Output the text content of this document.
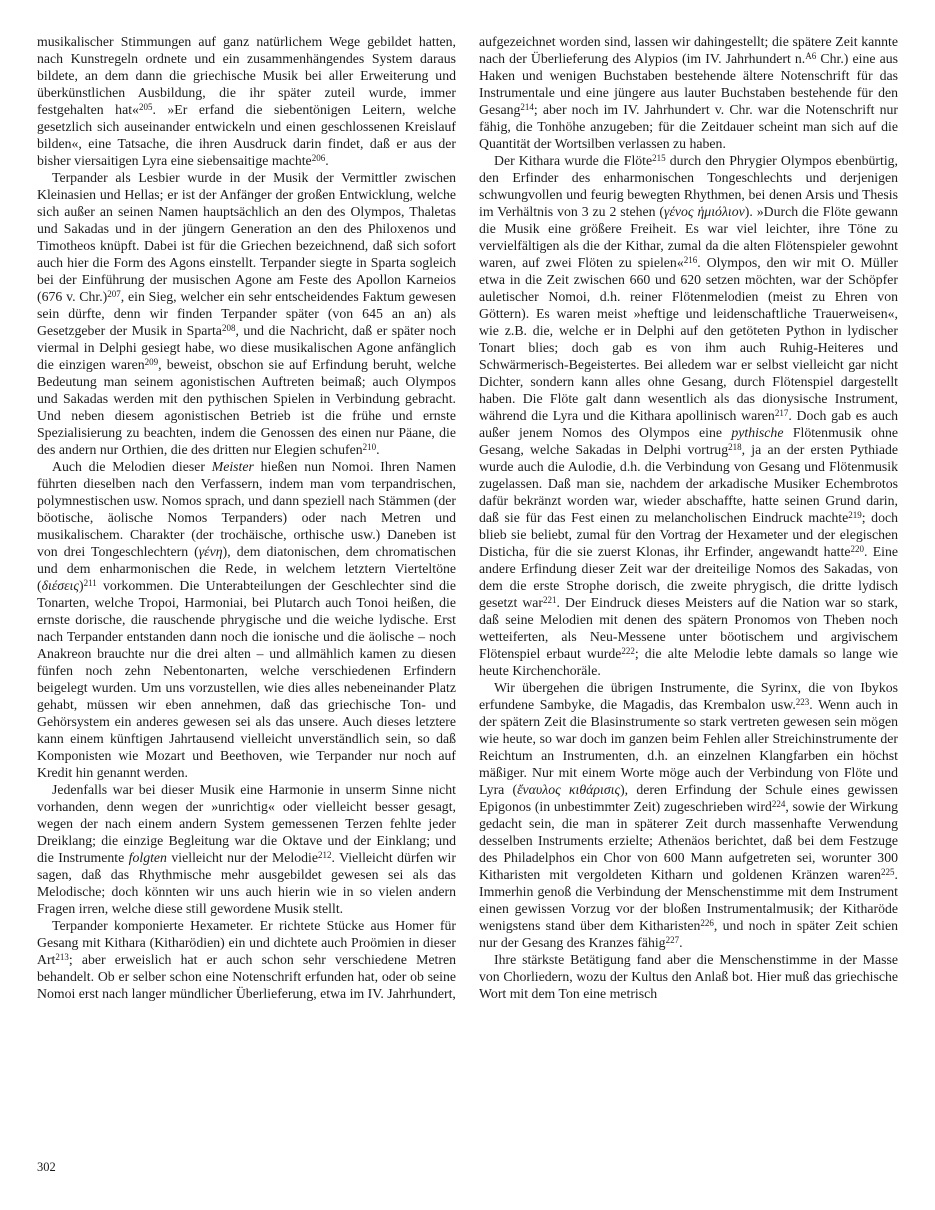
musikalischer Stimmungen auf ganz natürlichem Wege gebildet hatten, nach Kunstregeln ordnete und ein zusammenhängendes System daraus bildete, an dem dann die griechische Musik bei aller Erweiterung und überkünstlichen Ausbildung, die ihr später zuteil wurde, immer festgehalten hat«$^{205}$. »Er erfand die siebentönigen Leitern, welche gesetzlich sich auseinander entwickeln und einen geschlossenen Kreislauf bilden«, eine Tatsache, die ihren Ausdruck darin findet, daß er aus der bisher viersaitigen Lyra eine siebensaitige machte$^{206}$.

Terpander als Lesbier wurde in der Musik der Vermittler zwischen Kleinasien und Hellas; er ist der Anfänger der großen Entwicklung, welche sich außer an seinen Namen hauptsächlich an den des Olympos, Thaletas und Sakadas und in der jüngern Generation an den des Philoxenos und Timotheos knüpft. Dabei ist für die Griechen bezeichnend, daß sich sofort auch hier die Form des Agons einstellt. Terpander siegte in Sparta sogleich bei der Einführung der musischen Agone am Feste des Apollon Karneios (676 v. Chr.)$^{207}$, ein Sieg, welcher ein sehr entscheidendes Faktum gewesen sein dürfte, denn wir finden Terpander später (von 645 an an) als Gesetzgeber der Musik in Sparta$^{208}$, und die Nachricht, daß er später noch viermal in Delphi gesiegt habe, wo diese musikalischen Agone anfänglich die einzigen waren$^{209}$, beweist, obschon sie auf Erfindung beruht, welche Bedeutung man seinem agonistischen Auftreten beimaß; auch Olympos und Sakadas werden mit den pythischen Spielen in Verbindung gebracht. Und neben diesem agonistischen Betrieb ist die frühe und ernste Spezialisierung zu beachten, indem die Genossen des einen nur Päane, die des andern nur Orthien, die des dritten nur Elegien schufen$^{210}$.

Auch die Melodien dieser Meister hießen nun Nomoi. Ihren Namen führten dieselben nach den Verfassern, indem man vom terpandrischen, polymnestischen usw. Nomos sprach, und dann speziell nach Stämmen (der böotische, äolische Nomos Terpanders) oder nach Metren und musikalischem. Charakter (der trochäische, orthische usw.) Daneben ist von drei Tongeschlechtern (γένη), dem diatonischen, dem chromatischen und dem enharmonischen die Rede, in welchem letztern Vierteltöne (διέσεις)$^{211}$ vorkommen. Die Unterabteilungen der Geschlechter sind die Tonarten, welche Tropoi, Harmoniai, bei Plutarch auch Tonoi heißen, die ernste dorische, die rauschende phrygische und die weiche lydische. Erst nach Terpander entstanden dann noch die ionische und die äolische – noch Anakreon brauchte nur die drei alten – und allmählich kamen zu diesen fünfen noch zehn Nebentonarten, welche verschiedenen Erfindern beigelegt wurden. Um uns vorzustellen, wie dies alles nebeneinander Platz gehabt, müssen wir eben annehmen, daß das griechische Ton- und Gehörsystem ein anderes gewesen sei als das unsere. Auch dieses letztere kann einem künftigen Jahrtausend vielleicht unverständlich sein, so daß Komponisten wie Mozart und Beethoven, wie Terpander nur noch auf Kredit hin genannt werden.

Jedenfalls war bei dieser Musik eine Harmonie in unserm Sinne nicht vorhanden, denn wegen der »unrichtig« oder vielleicht besser gesagt, wegen der nach einem andern System gemessenen Terzen fehlte jeder Dreiklang; die einzige Begleitung war die Oktave und der Einklang; und die Instrumente folgten vielleicht nur der Melodie$^{212}$. Vielleicht dürfen wir sagen, daß das Rhythmische mehr ausgebildet gewesen sei als das Melodische; doch könnten wir uns auch hierin wie in so vielen andern Fragen irren, welche diese still gewordene Musik stellt.

Terpander komponierte Hexameter. Er richtete Stücke aus Homer für Gesang mit Kithara (Kitharödien) ein und dichtete auch Proömien in dieser Art$^{213}$; aber erweislich hat er auch schon sehr verschiedene Metren behandelt. Ob er selber schon eine Notenschrift erfunden hat, oder ob seine Nomoi erst nach langer mündlicher Überlieferung, etwa im IV. Jahrhundert,

aufgezeichnet worden sind, lassen wir dahingestellt; die spätere Zeit kannte nach der Überlieferung des Alypios (im IV. Jahrhundert n.$^{A6}$ Chr.) eine aus Haken und wenigen Buchstaben bestehende ältere Notenschrift für das Instrumentale und eine jüngere aus lauter Buchstaben bestehende für den Gesang$^{214}$; aber noch im IV. Jahrhundert v. Chr. war die Notenschrift nur fähig, die Tonhöhe anzugeben; für die Zeitdauer scheint man sich auf die Quantität der Wortsilben verlassen zu haben.

Der Kithara wurde die Flöte$^{215}$ durch den Phrygier Olympos ebenbürtig, den Erfinder des enharmonischen Tongeschlechts und derjenigen schwungvollen und feurig bewegten Rhythmen, bei denen Arsis und Thesis im Verhältnis von 3 zu 2 stehen (γένος ἡμιόλιον). »Durch die Flöte gewann die Musik eine größere Freiheit. Es war viel leichter, ihre Töne zu vervielfältigen als die der Kithar, zumal da die alten Flötenspieler gewohnt waren, auf zwei Flöten zu spielen«$^{216}$. Olympos, den wir mit O. Müller etwa in die Zeit zwischen 660 und 620 setzen möchten, war der Schöpfer auletischer Nomoi, d.h. reiner Flötenmelodien (meist zu Ehren von Göttern). Es waren meist »heftige und leidenschaftliche Trauerweisen«, wie z.B. die, welche er in Delphi auf den getöteten Python in lydischer Tonart blies; doch gab es von ihm auch Ruhig-Heiteres und Schwärmerisch-Begeistertes. Bei alledem war er selbst vielleicht gar nicht Dichter, sondern kann alles ohne Gesang, durch Flötenspiel dargestellt haben. Die Flöte galt dann wesentlich als das dionysische Instrument, während die Lyra und die Kithara apollinisch waren$^{217}$. Doch gab es auch außer jenem Nomos des Olympos eine pythische Flötenmusik ohne Gesang, welche Sakadas in Delphi vortrug$^{218}$, ja an der ersten Pythiade wurde auch die Aulodie, d.h. die Verbindung von Gesang und Flötenmusik zugelassen. Daß man sie, nachdem der arkadische Musiker Echembrotos dafür bekränzt worden war, wieder abschaffte, hatte seinen Grund darin, daß sie für das Fest einen zu melancholischen Eindruck machte$^{219}$; doch blieb sie beliebt, zumal für den Vortrag der Hexameter und der elegischen Disticha, für die sie zuerst Klonas, ihr Erfinder, angewandt hatte$^{220}$. Eine andere Erfindung dieser Zeit war der dreiteilige Nomos des Sakadas, von dem die erste Strophe dorisch, die zweite phrygisch, die dritte lydisch gesetzt war$^{221}$. Der Eindruck dieses Meisters auf die Nation war so stark, daß seine Melodien mit denen des spätern Pronomos von Theben noch wetteiferten, als Neu-Messene unter böotischem und argivischem Flötenspiel erbaut wurde$^{222}$; die alte Melodie lebte damals so lange wie heute Kirchenchoräle.

Wir übergehen die übrigen Instrumente, die Syrinx, die von Ibykos erfundene Sambyke, die Magadis, das Krembalon usw.$^{223}$. Wenn auch in der spätern Zeit die Blasinstrumente so stark vertreten gewesen sein mögen wie heute, so war doch im ganzen beim Fehlen aller Streichinstrumente der Reichtum an Instrumenten, d.h. an einzelnen Klangfarben ein höchst mäßiger. Nur mit einem Worte möge auch der Verbindung von Flöte und Lyra (ἔναυλος κιθάρισις), deren Erfindung der Schule eines gewissen Epigonos (in unbestimmter Zeit) zugeschrieben wird$^{224}$, sowie der Wirkung gedacht sein, die man in späterer Zeit durch massenhafte Verwendung desselben Instruments erzielte; Athenäos berichtet, daß bei dem Festzuge des Philadelphos ein Chor von 600 Mann aufgetreten sei, worunter 300 Kitharisten mit vergoldeten Kitharn und goldenen Kränzen waren$^{225}$. Immerhin genoß die Verbindung der Menschenstimme mit dem Instrument einen gewissen Vorzug vor der bloßen Instrumentalmusik; der Kitharöde wenigstens stand über dem Kitharisten$^{226}$, und noch in später Zeit schien nur der Gesang des Kranzes fähig$^{227}$.

Ihre stärkste Betätigung fand aber die Menschenstimme in der Masse von Chorliedern, wozu der Kultus den Anlaß bot. Hier muß das griechische Wort mit dem Ton eine metrisch

302
